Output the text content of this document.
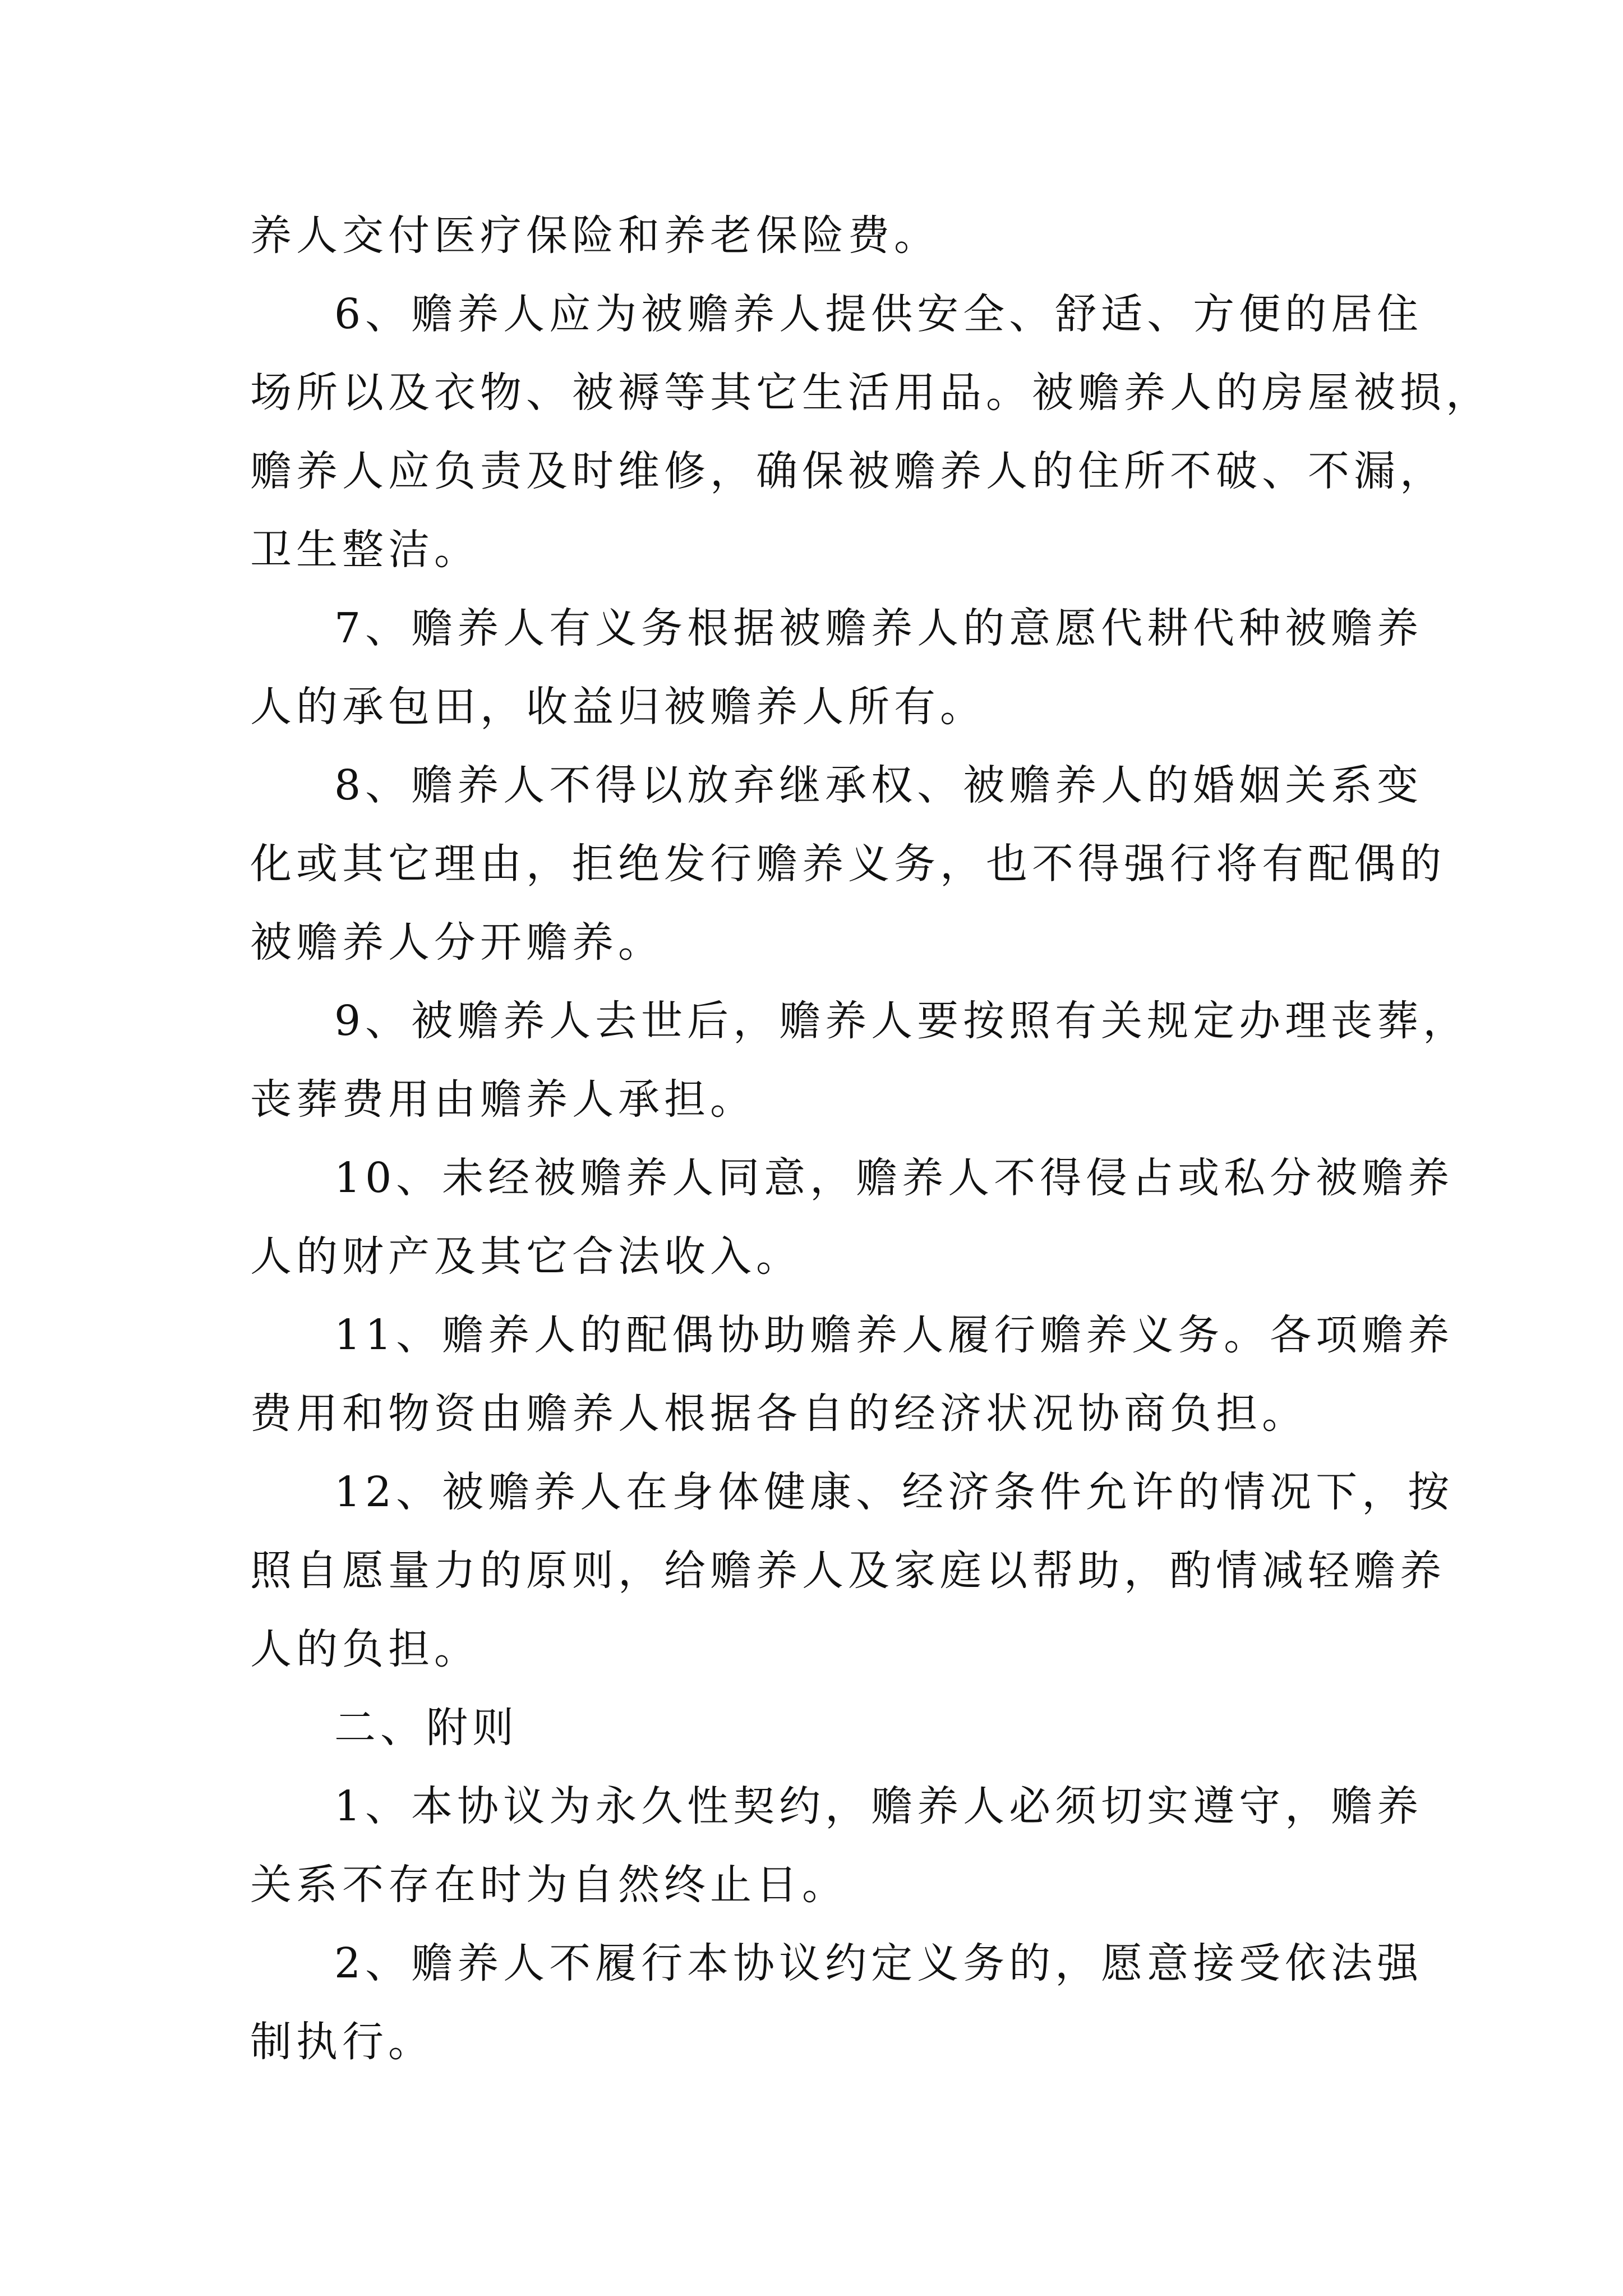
养人交付医疗保险和养老保险费。
6、赡养人应为被赡养人提供安全、舒适、方便的居住
场所以及衣物、被褥等其它生活用品。被赡养人的房屋被损，
赡养人应负责及时维修，确保被赡养人的住所不破、不漏，
卫生整洁。
7、赡养人有义务根据被赡养人的意愿代耕代种被赡养
人的承包田，收益归被赡养人所有。
8、赡养人不得以放弃继承权、被赡养人的婚姻关系变
化或其它理由，拒绝发行赡养义务，也不得强行将有配偶的
被赡养人分开赡养。
9、被赡养人去世后，赡养人要按照有关规定办理丧葬，
丧葬费用由赡养人承担。
10、未经被赡养人同意，赡养人不得侵占或私分被赡养
人的财产及其它合法收入。
11、赡养人的配偶协助赡养人履行赡养义务。各项赡养
费用和物资由赡养人根据各自的经济状况协商负担。
12、被赡养人在身体健康、经济条件允许的情况下，按
照自愿量力的原则，给赡养人及家庭以帮助，酌情减轻赡养
人的负担。
二、附则
1、本协议为永久性契约，赡养人必须切实遵守，赡养
关系不存在时为自然终止日。
2、赡养人不履行本协议约定义务的，愿意接受依法强
制执行。
